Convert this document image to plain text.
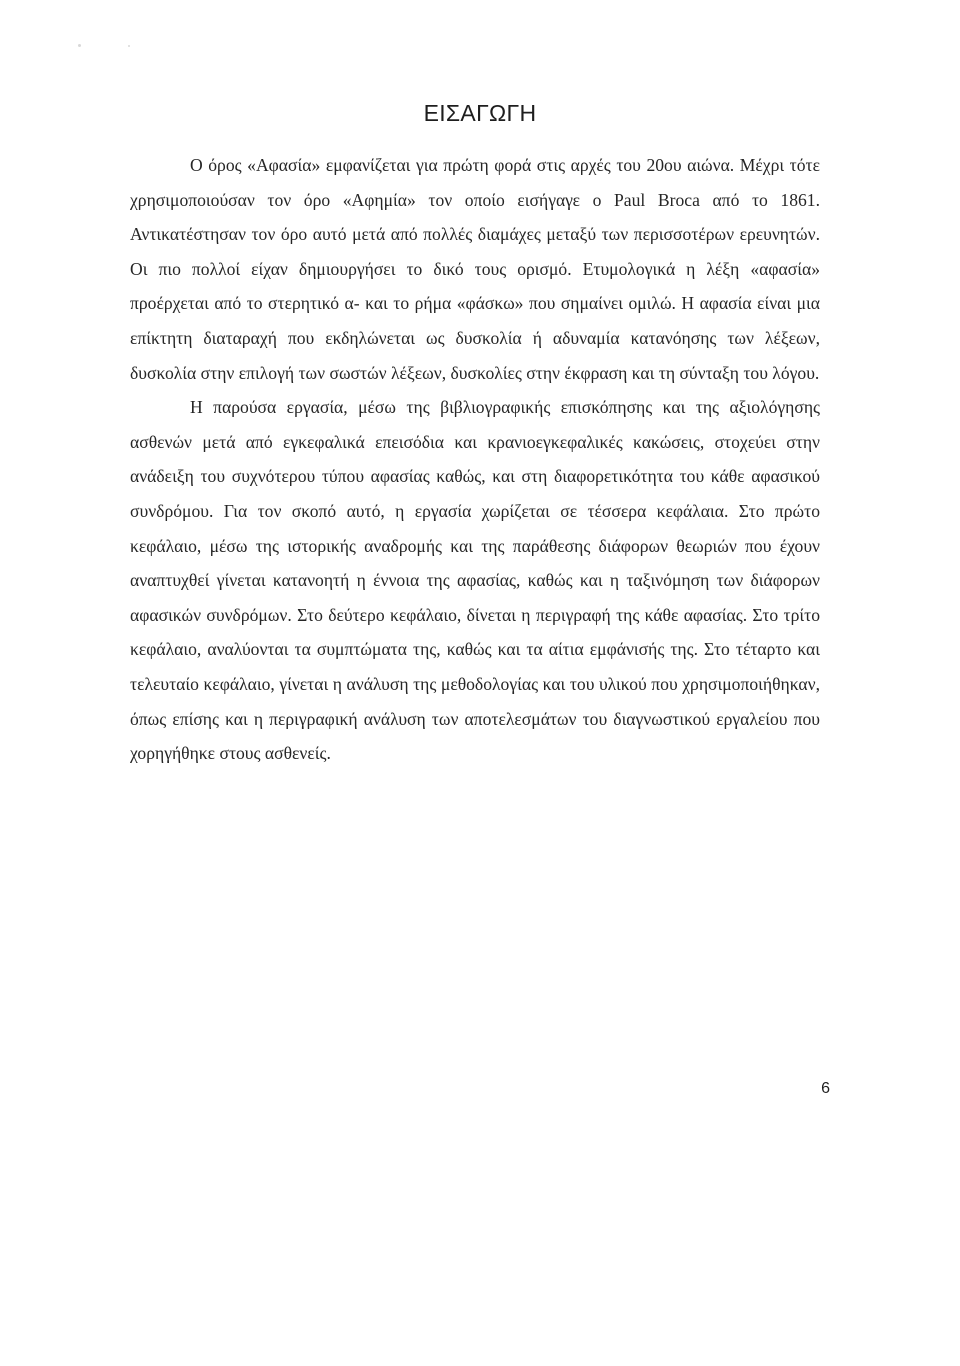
ΕΙΣΑΓΩΓΗ

Ο όρος «Αφασία» εμφανίζεται για πρώτη φορά στις αρχές του 20ου αιώνα. Μέχρι τότε χρησιμοποιούσαν τον όρο «Αφημία» τον οποίο εισήγαγε ο Paul Broca από το 1861. Αντικατέστησαν τον όρο αυτό μετά από πολλές διαμάχες μεταξύ των περισσοτέρων ερευνητών. Οι πιο πολλοί είχαν δημιουργήσει το δικό τους ορισμό. Ετυμολογικά η λέξη «αφασία» προέρχεται από το στερητικό α- και το ρήμα «φάσκω» που σημαίνει ομιλώ. Η αφασία είναι μια επίκτητη διαταραχή που εκδηλώνεται ως δυσκολία ή αδυναμία κατανόησης των λέξεων, δυσκολία στην επιλογή των σωστών λέξεων, δυσκολίες στην έκφραση και τη σύνταξη του λόγου.

Η παρούσα εργασία, μέσω της βιβλιογραφικής επισκόπησης και της αξιολόγησης ασθενών μετά από εγκεφαλικά επεισόδια και κρανιοεγκεφαλικές κακώσεις, στοχεύει στην ανάδειξη του συχνότερου τύπου αφασίας καθώς, και στη διαφορετικότητα του κάθε αφασικού συνδρόμου. Για τον σκοπό αυτό, η εργασία χωρίζεται σε τέσσερα κεφάλαια. Στο πρώτο κεφάλαιο, μέσω της ιστορικής αναδρομής και της παράθεσης διάφορων θεωριών που έχουν αναπτυχθεί γίνεται κατανοητή η έννοια της αφασίας, καθώς και η ταξινόμηση των διάφορων αφασικών συνδρόμων. Στο δεύτερο κεφάλαιο, δίνεται η περιγραφή της κάθε αφασίας. Στο τρίτο κεφάλαιο, αναλύονται τα συμπτώματα της, καθώς και τα αίτια εμφάνισής της. Στο τέταρτο και τελευταίο κεφάλαιο, γίνεται η ανάλυση της μεθοδολογίας και του υλικού που χρησιμοποιήθηκαν, όπως επίσης και η περιγραφική ανάλυση των αποτελεσμάτων του διαγνωστικού εργαλείου που χορηγήθηκε στους ασθενείς.

6
